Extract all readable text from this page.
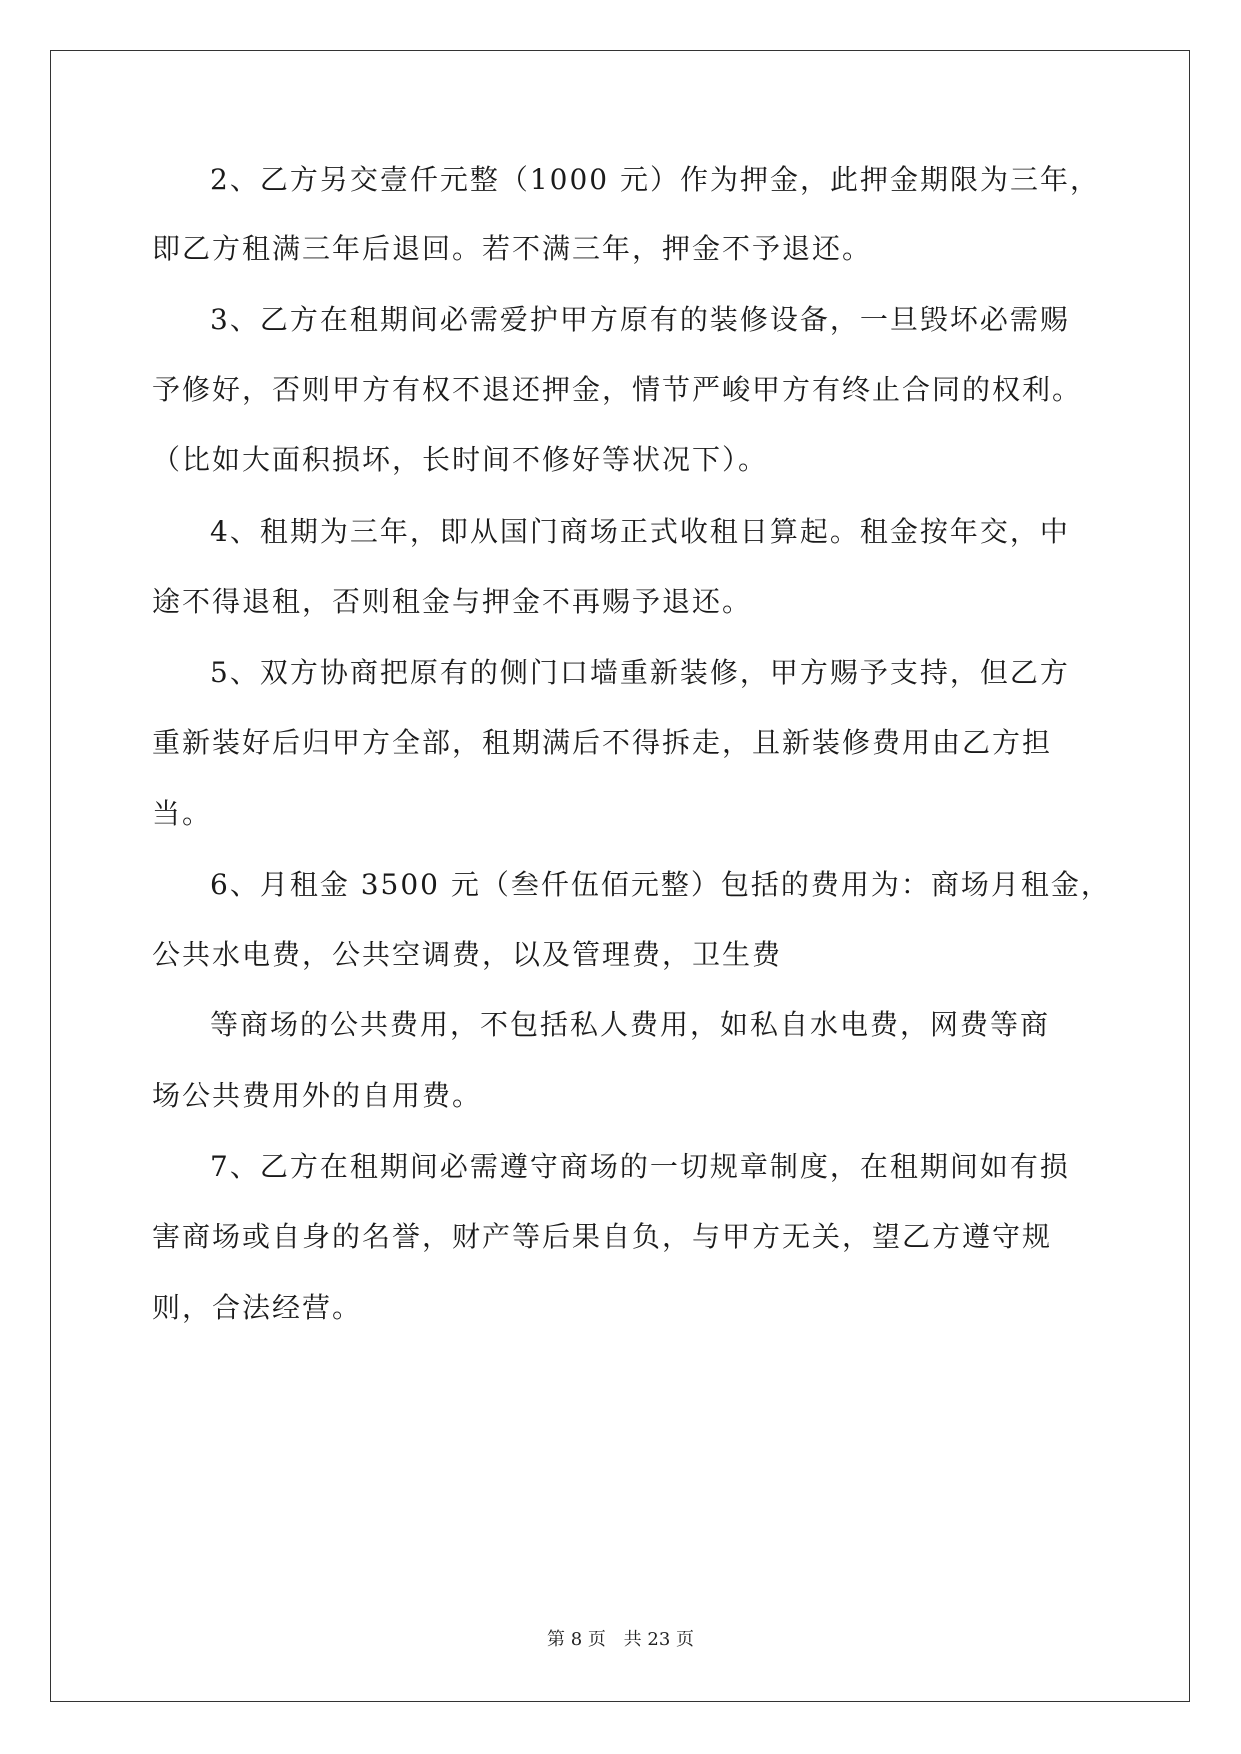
2、乙方另交壹仟元整（1000 元）作为押金，此押金期限为三年，
即乙方租满三年后退回。若不满三年，押金不予退还。
3、乙方在租期间必需爱护甲方原有的装修设备，一旦毁坏必需赐
予修好，否则甲方有权不退还押金，情节严峻甲方有终止合同的权利。
（比如大面积损坏，长时间不修好等状况下）。
4、租期为三年，即从国门商场正式收租日算起。租金按年交，中
途不得退租，否则租金与押金不再赐予退还。
5、双方协商把原有的侧门口墙重新装修，甲方赐予支持，但乙方
重新装好后归甲方全部，租期满后不得拆走，且新装修费用由乙方担
当。
6、月租金 3500 元（叁仟伍佰元整）包括的费用为：商场月租金，
公共水电费，公共空调费，以及管理费，卫生费
等商场的公共费用，不包括私人费用，如私自水电费，网费等商
场公共费用外的自用费。
7、乙方在租期间必需遵守商场的一切规章制度，在租期间如有损
害商场或自身的名誉，财产等后果自负，与甲方无关，望乙方遵守规
则，合法经营。
第 8 页 共 23 页
